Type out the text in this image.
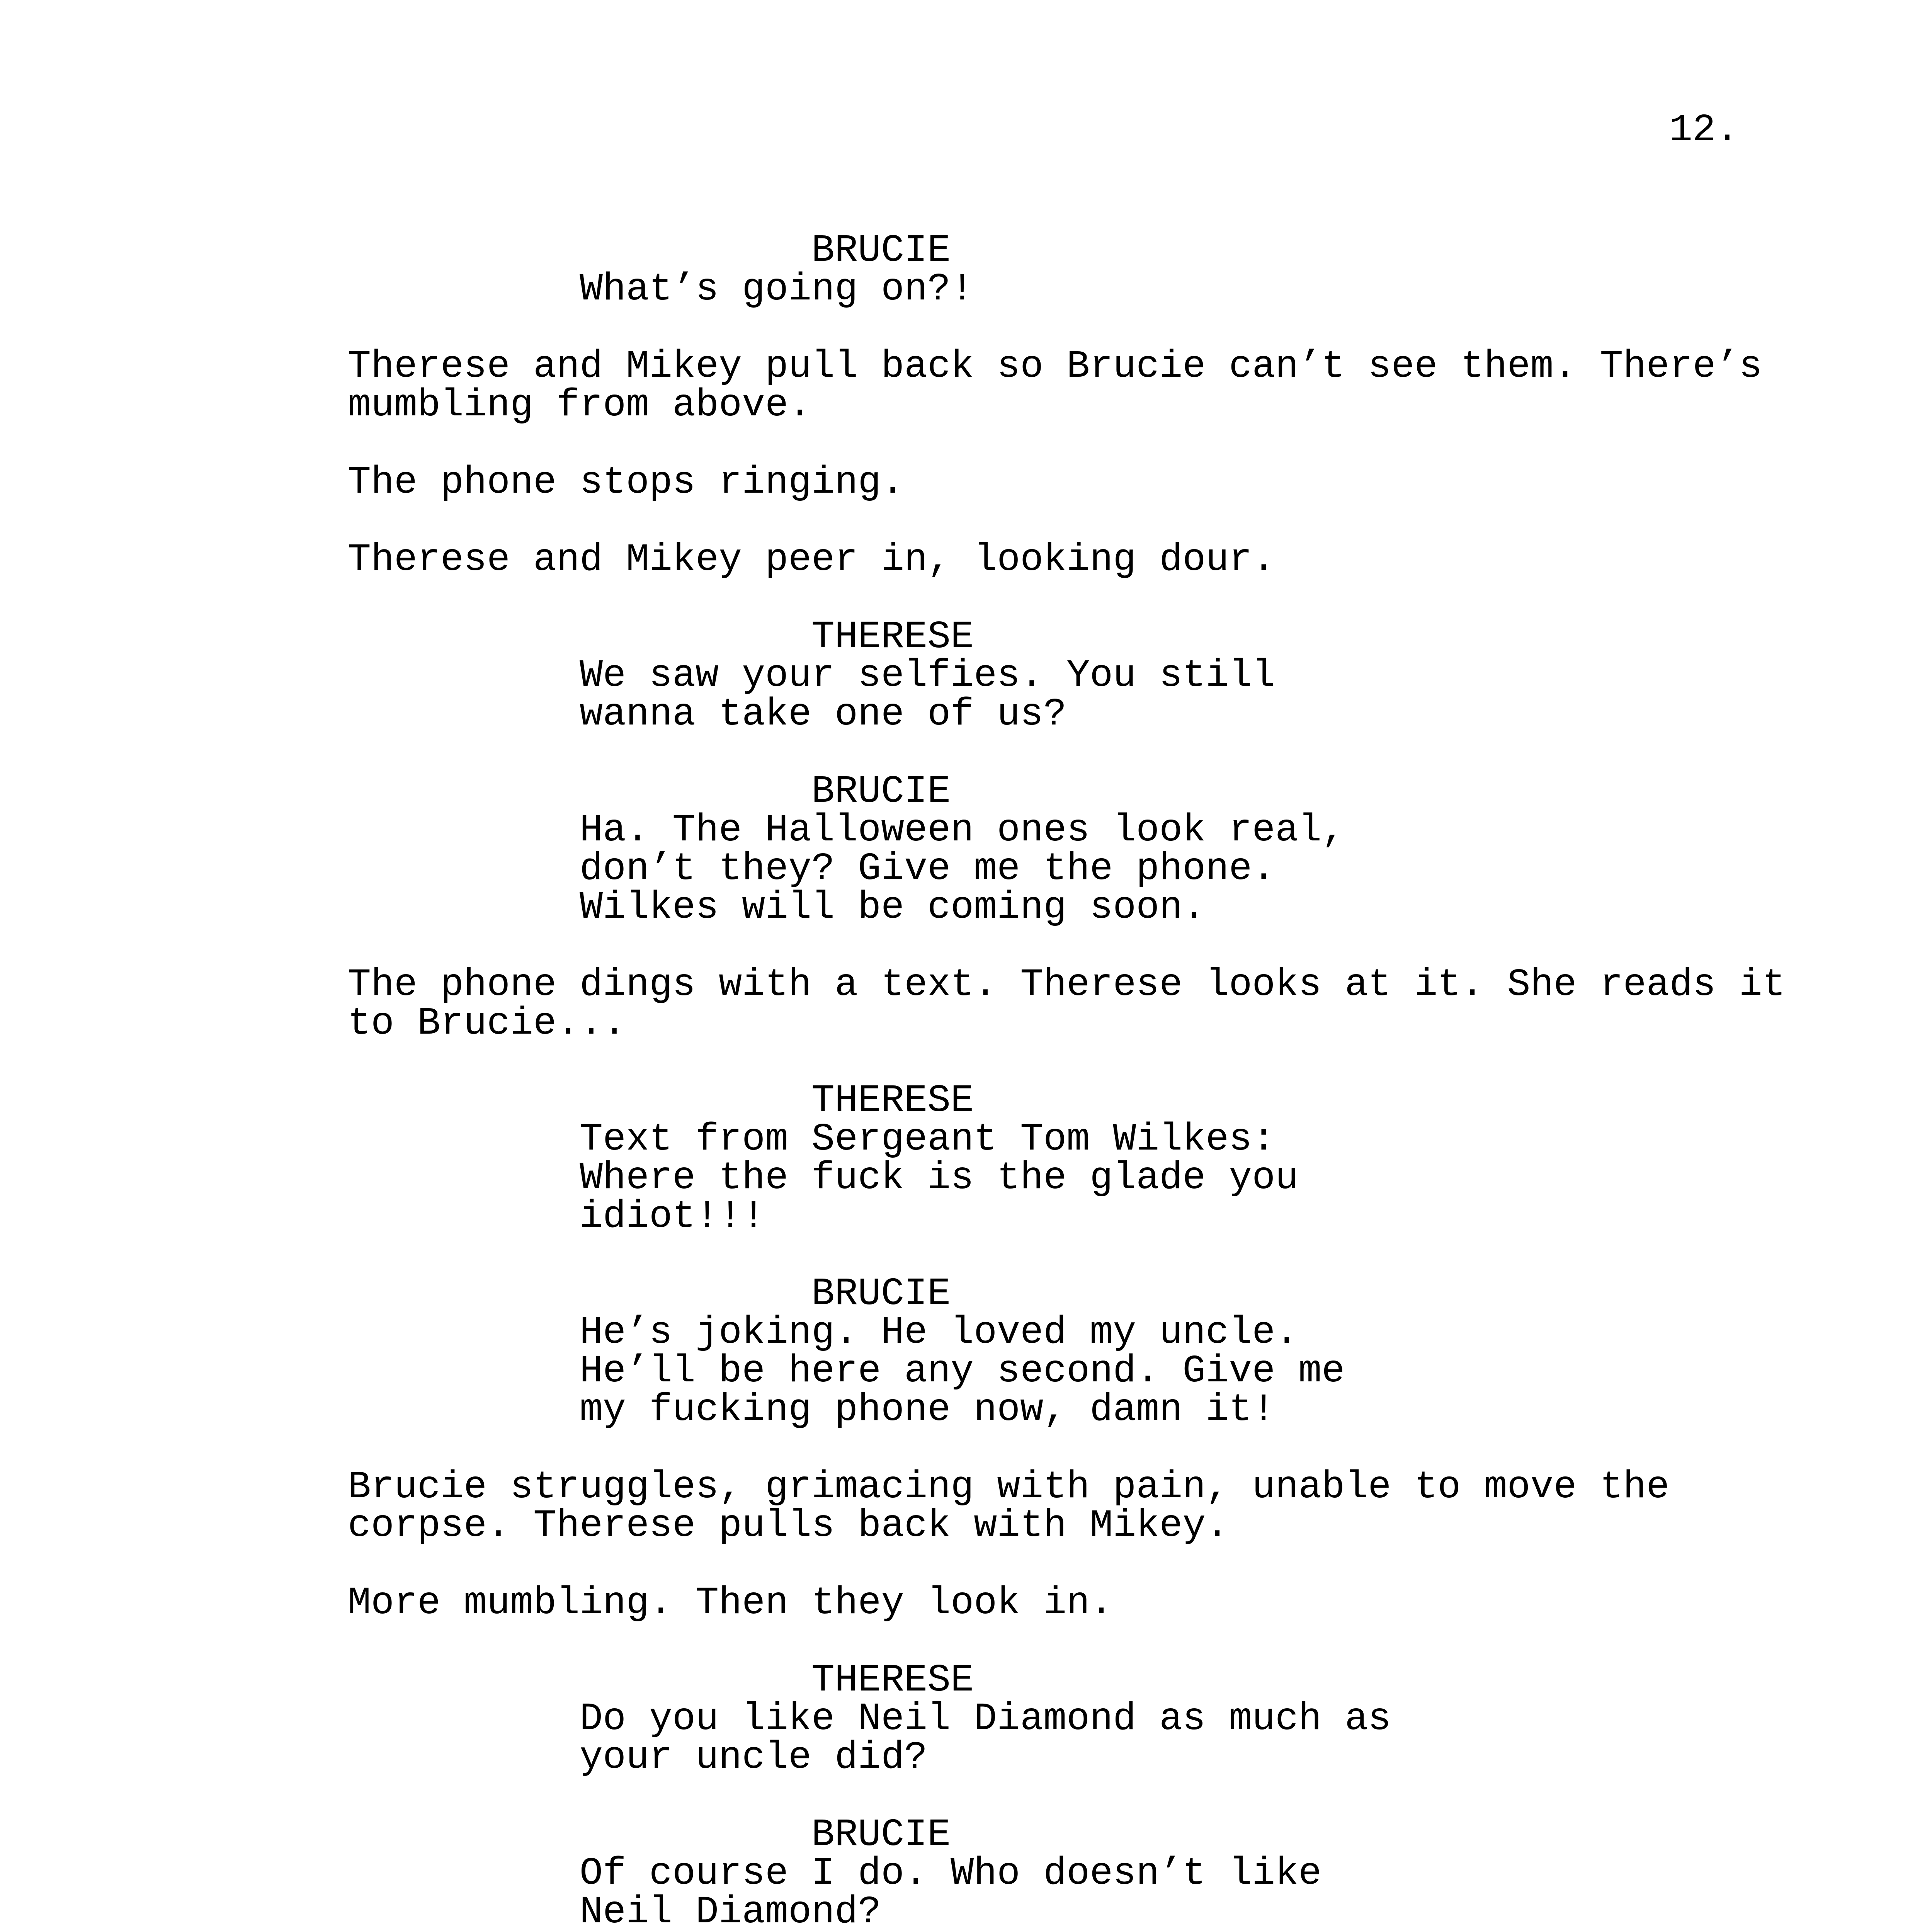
12.
BRUCIE
What’s going on?!
Therese and Mikey pull back so Brucie can’t see them. There’s
mumbling from above.
The phone stops ringing.
Therese and Mikey peer in, looking dour.
THERESE
We saw your selfies. You still
wanna take one of us?
BRUCIE
Ha. The Halloween ones look real,
don’t they? Give me the phone.
Wilkes will be coming soon.
The phone dings with a text. Therese looks at it. She reads it
to Brucie...
THERESE
Text from Sergeant Tom Wilkes:
Where the fuck is the glade you
idiot!!!
BRUCIE
He’s joking. He loved my uncle.
He’ll be here any second. Give me
my fucking phone now, damn it!
Brucie struggles, grimacing with pain, unable to move the
corpse. Therese pulls back with Mikey.
More mumbling. Then they look in.
THERESE
Do you like Neil Diamond as much as
your uncle did?
BRUCIE
Of course I do. Who doesn’t like
Neil Diamond?
